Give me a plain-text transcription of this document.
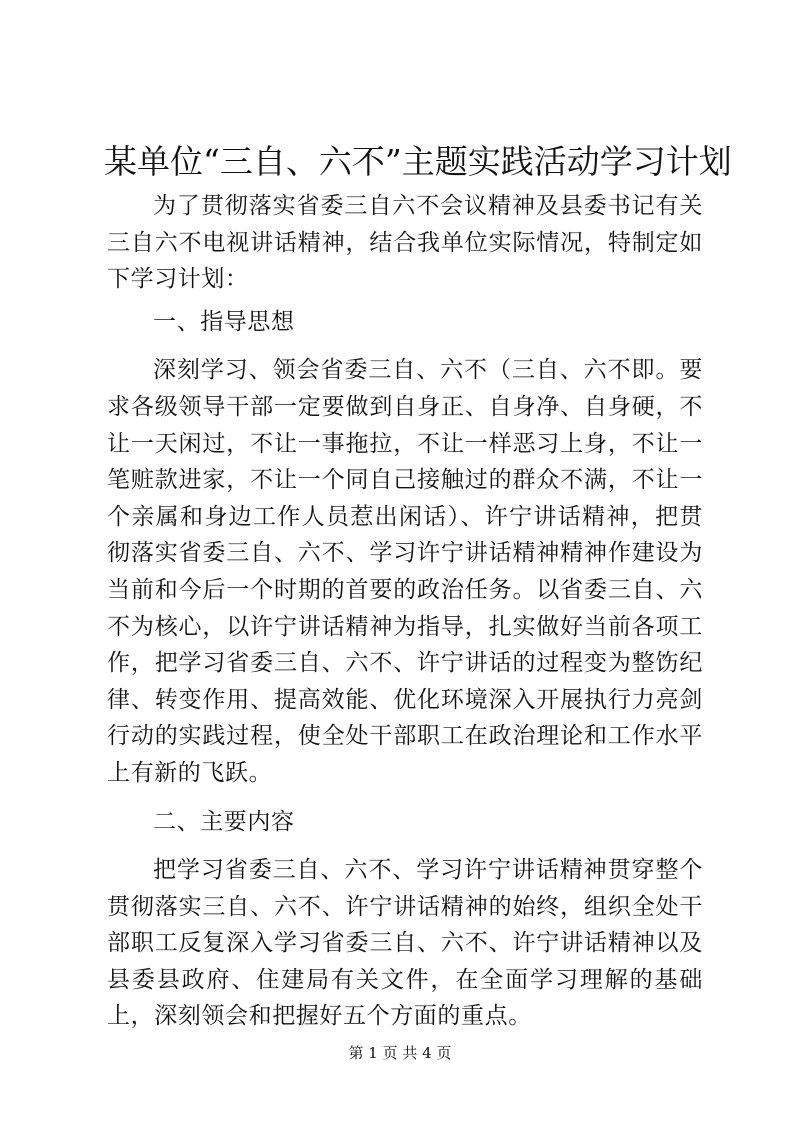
某单位“三自、六不”主题实践活动学习计划

为了贯彻落实省委三自六不会议精神及县委书记有关三自六不电视讲话精神，结合我单位实际情况，特制定如下学习计划：

一、指导思想

深刻学习、领会省委三自、六不（三自、六不即。要求各级领导干部一定要做到自身正、自身净、自身硬，不让一天闲过，不让一事拖拉，不让一样恶习上身，不让一笔赃款进家，不让一个同自己接触过的群众不满，不让一个亲属和身边工作人员惹出闲话）、许宁讲话精神，把贯彻落实省委三自、六不、学习许宁讲话精神精神作建设为当前和今后一个时期的首要的政治任务。以省委三自、六不为核心，以许宁讲话精神为指导，扎实做好当前各项工作，把学习省委三自、六不、许宁讲话的过程变为整饬纪律、转变作用、提高效能、优化环境深入开展执行力亮剑行动的实践过程，使全处干部职工在政治理论和工作水平上有新的飞跃。

二、主要内容

把学习省委三自、六不、学习许宁讲话精神贯穿整个贯彻落实三自、六不、许宁讲话精神的始终，组织全处干部职工反复深入学习省委三自、六不、许宁讲话精神以及县委县政府、住建局有关文件，在全面学习理解的基础上，深刻领会和把握好五个方面的重点。

第 1 页 共 4 页
